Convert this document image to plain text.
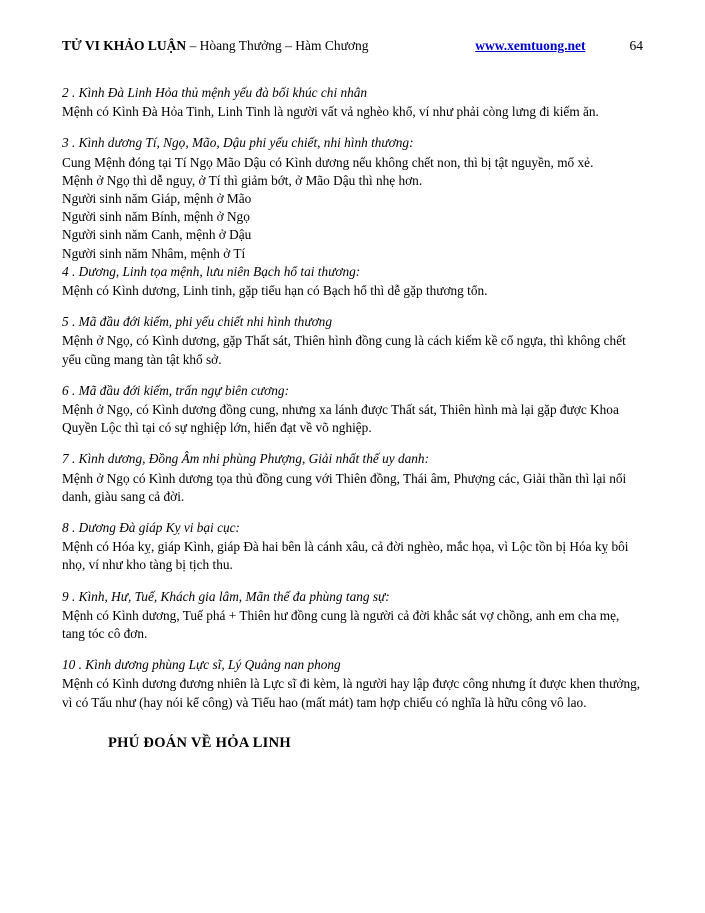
TỬ VI KHẢO LUẬN – Hòang Thưởng – Hàm Chương	www.xemtuong.net	64
2 . Kình Đà Linh Hỏa thủ mệnh yếu đà bối khúc chi nhân

Mệnh có Kình Đà Hỏa Tinh, Linh Tinh là người vất vả nghèo khổ, ví như phải còng lưng đi kiếm ăn.

3 . Kình dương Tí, Ngọ, Mão, Dậu phi yếu chiết, nhi hình thương:

Cung Mệnh đóng tại Tí Ngọ Mão Dậu có Kình dương nếu không chết non, thì bị tật nguyền, mổ xẻ.

Mệnh ở Ngọ thì dễ nguy, ở Tí thì giảm bớt, ở Mão Dậu thì nhẹ hơn.

Người sinh năm Giáp, mệnh ở Mão

Người sinh năm Bính, mệnh ở Ngọ

Người sinh năm Canh, mệnh ở Dậu

Người sinh năm Nhâm, mệnh ở Tí

4 . Dương, Linh tọa mệnh, lưu niên Bạch hổ tai thương:

Mệnh có Kình dương, Linh tinh, gặp tiểu hạn có Bạch hổ thì dễ gặp thương tổn.

5 . Mã đầu đới kiếm, phi yếu chiết nhi hình thương

Mệnh ở Ngọ, có Kình dương, gặp Thất sát, Thiên hình đồng cung là cách kiếm kề cổ ngựa, thì không chết yểu cũng mang tàn tật khổ sở.

6 . Mã đầu đới kiếm, trấn ngự biên cương:

Mệnh ở Ngọ, có Kình dương đồng cung, nhưng xa lánh được Thất sát, Thiên hình mà lại gặp được Khoa Quyền Lộc thì tại có sự nghiệp lớn, hiển đạt về võ nghiệp.

7 . Kình dương, Đồng Âm nhi phùng Phượng, Giải nhất thế uy danh:

Mệnh ở Ngọ có Kình dương tọa thủ đồng cung với Thiên đồng, Thái âm, Phượng các, Giải thần thì lại nổi danh, giàu sang cả đời.

8 . Dương Đà giáp Kỵ vi bại cục:

Mệnh có Hóa kỵ, giáp Kình, giáp Đà hai bên là cánh xâu, cả đời nghèo, mắc họa, vì Lộc tồn bị Hóa kỵ bôi nhọ, ví như kho tàng bị tịch thu.

9 . Kình, Hư, Tuế, Khách gia lâm, Mãn thế đa phùng tang sự:

Mệnh có Kình dương, Tuế phá + Thiên hư đồng cung là người cả đời khắc sát vợ chồng, anh em cha mẹ, tang tóc cô đơn.

10 . Kình dương phùng Lực sĩ, Lý Quảng nan phong

Mệnh có Kình dương đương nhiên là Lực sĩ đi kèm, là người hay lập được công nhưng ít được khen thưởng, vì có Tấu như (hay nói kể công) và Tiểu hao (mất mát) tam hợp chiếu có nghĩa là hữu công vô lao.

PHÚ ĐOÁN VỀ HỎA LINH
